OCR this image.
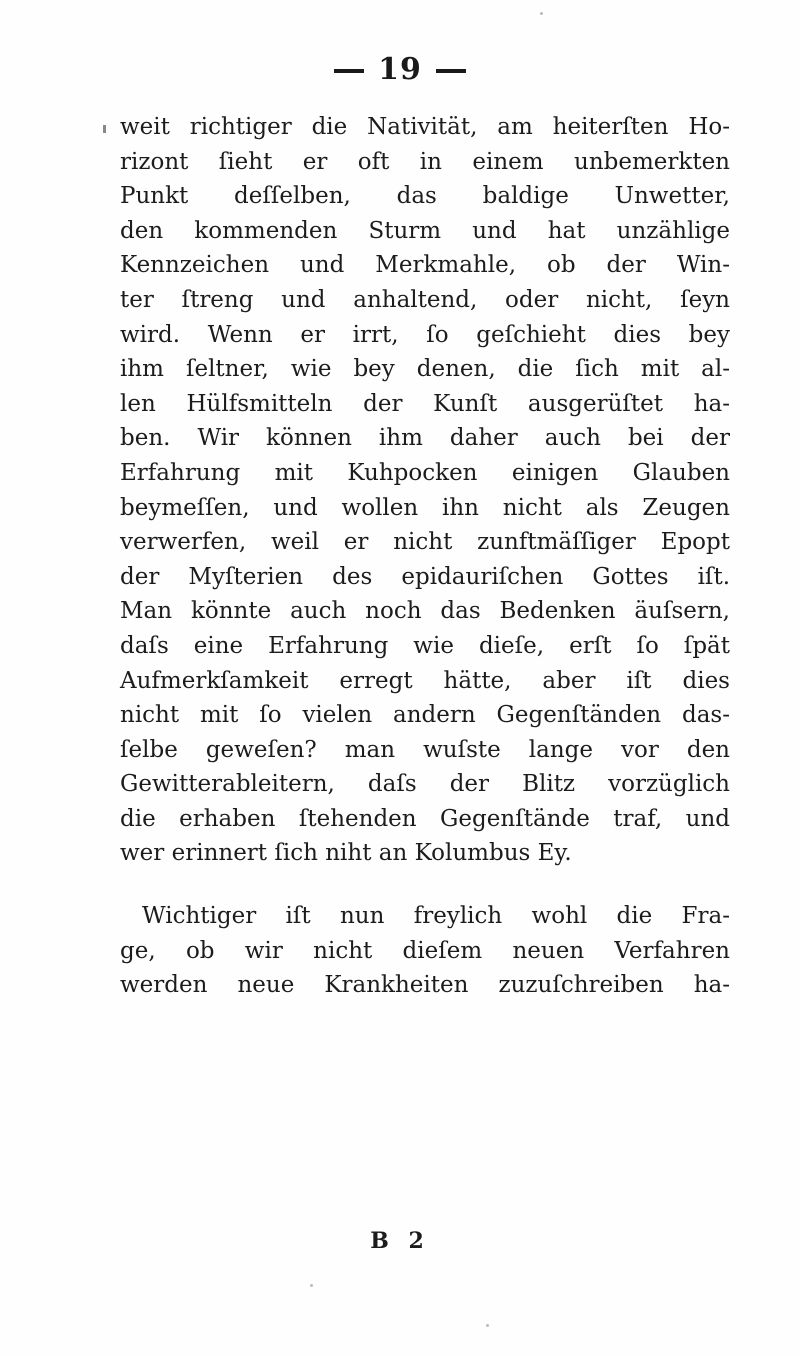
19
weit richtiger die Nativität, am heiterſten Ho-
rizont ſieht er oft in einem unbemerkten
Punkt deſſelben, das baldige Unwetter,
den kommenden Sturm und hat unzählige
Kennzeichen und Merkmahle, ob der Win-
ter ſtreng und anhaltend, oder nicht, ſeyn
wird. Wenn er irrt, ſo geſchieht dies bey
ihm ſeltner, wie bey denen, die ſich mit al-
len Hülfsmitteln der Kunſt ausgerüſtet ha-
ben. Wir können ihm daher auch bei der
Erfahrung mit Kuhpocken einigen Glauben
beymeſſen, und wollen ihn nicht als Zeugen
verwerfen, weil er nicht zunftmäſſiger Epopt
der Myſterien des epidauriſchen Gottes iſt.
Man könnte auch noch das Bedenken äuſsern,
daſs eine Erfahrung wie dieſe, erſt ſo ſpät
Aufmerkſamkeit erregt hätte, aber iſt dies
nicht mit ſo vielen andern Gegenſtänden das-
ſelbe geweſen? man wuſste lange vor den
Gewitterableitern, daſs der Blitz vorzüglich
die erhaben ſtehenden Gegenſtände traf, und
wer erinnert ſich niht an Kolumbus Ey.
Wichtiger iſt nun freylich wohl die Fra-
ge, ob wir nicht dieſem neuen Verfahren
werden neue Krankheiten zuzuſchreiben ha-
B 2
